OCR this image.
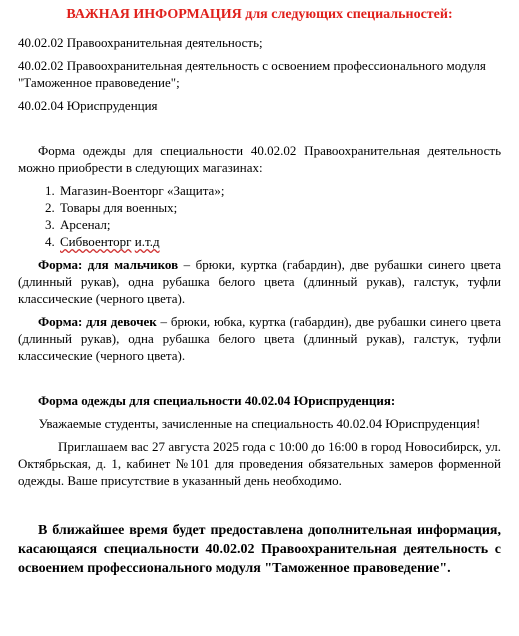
ВАЖНАЯ ИНФОРМАЦИЯ для следующих специальностей:
40.02.02 Правоохранительная деятельность;
40.02.02 Правоохранительная деятельность с освоением профессионального модуля "Таможенное правоведение";
40.02.04 Юриспруденция
Форма одежды для специальности 40.02.02 Правоохранительная деятельность можно приобрести в следующих магазинах:
1. Магазин-Военторг «Защита»;
2. Товары для военных;
3. Арсенал;
4. Сибвоенторг и.т.д
Форма: для мальчиков – брюки, куртка (габардин), две рубашки синего цвета (длинный рукав), одна рубашка белого цвета (длинный рукав), галстук, туфли классические (черного цвета).
Форма: для девочек – брюки, юбка, куртка (габардин), две рубашки синего цвета (длинный рукав), одна рубашка белого цвета (длинный рукав), галстук, туфли классические (черного цвета).
Форма одежды для специальности 40.02.04 Юриспруденция:
Уважаемые студенты, зачисленные на специальность 40.02.04 Юриспруденция!
Приглашаем вас 27 августа 2025 года с 10:00 до 16:00 в город Новосибирск, ул. Октябрьская, д. 1, кабинет №101 для проведения обязательных замеров форменной одежды. Ваше присутствие в указанный день необходимо.
В ближайшее время будет предоставлена дополнительная информация, касающаяся специальности 40.02.02 Правоохранительная деятельность с освоением профессионального модуля "Таможенное правоведение".
